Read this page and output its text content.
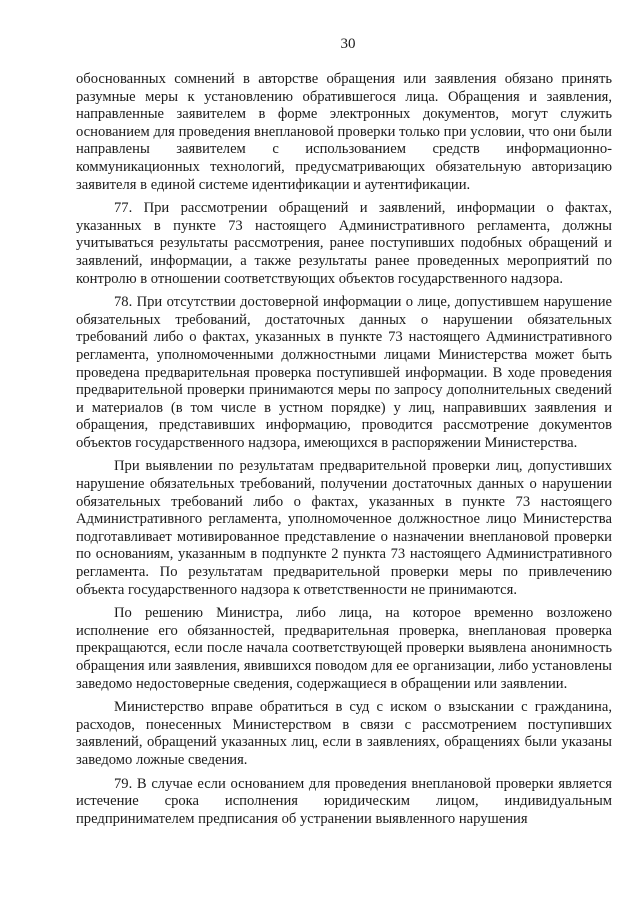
30

обоснованных сомнений в авторстве обращения или заявления обязано принять разумные меры к установлению обратившегося лица. Обращения и заявления, направленные заявителем в форме электронных документов, могут служить основанием для проведения внеплановой проверки только при условии, что они были направлены заявителем с использованием средств информационно-коммуникационных технологий, предусматривающих обязательную авторизацию заявителя в единой системе идентификации и аутентификации.

77. При рассмотрении обращений и заявлений, информации о фактах, указанных в пункте 73 настоящего Административного регламента, должны учитываться результаты рассмотрения, ранее поступивших подобных обращений и заявлений, информации, а также результаты ранее проведенных мероприятий по контролю в отношении соответствующих объектов государственного надзора.

78. При отсутствии достоверной информации о лице, допустившем нарушение обязательных требований, достаточных данных о нарушении обязательных требований либо о фактах, указанных в пункте 73 настоящего Административного регламента, уполномоченными должностными лицами Министерства может быть проведена предварительная проверка поступившей информации. В ходе проведения предварительной проверки принимаются меры по запросу дополнительных сведений и материалов (в том числе в устном порядке) у лиц, направивших заявления и обращения, представивших информацию, проводится рассмотрение документов объектов государственного надзора, имеющихся в распоряжении Министерства.

При выявлении по результатам предварительной проверки лиц, допустивших нарушение обязательных требований, получении достаточных данных о нарушении обязательных требований либо о фактах, указанных в пункте 73 настоящего Административного регламента, уполномоченное должностное лицо Министерства подготавливает мотивированное представление о назначении внеплановой проверки по основаниям, указанным в подпункте 2 пункта 73 настоящего Административного регламента. По результатам предварительной проверки меры по привлечению объекта государственного надзора к ответственности не принимаются.

По решению Министра, либо лица, на которое временно возложено исполнение его обязанностей, предварительная проверка, внеплановая проверка прекращаются, если после начала соответствующей проверки выявлена анонимность обращения или заявления, явившихся поводом для ее организации, либо установлены заведомо недостоверные сведения, содержащиеся в обращении или заявлении.

Министерство вправе обратиться в суд с иском о взыскании с гражданина, расходов, понесенных Министерством в связи с рассмотрением поступивших заявлений, обращений указанных лиц, если в заявлениях, обращениях были указаны заведомо ложные сведения.

79. В случае если основанием для проведения внеплановой проверки является истечение срока исполнения юридическим лицом, индивидуальным предпринимателем предписания об устранении выявленного нарушения
